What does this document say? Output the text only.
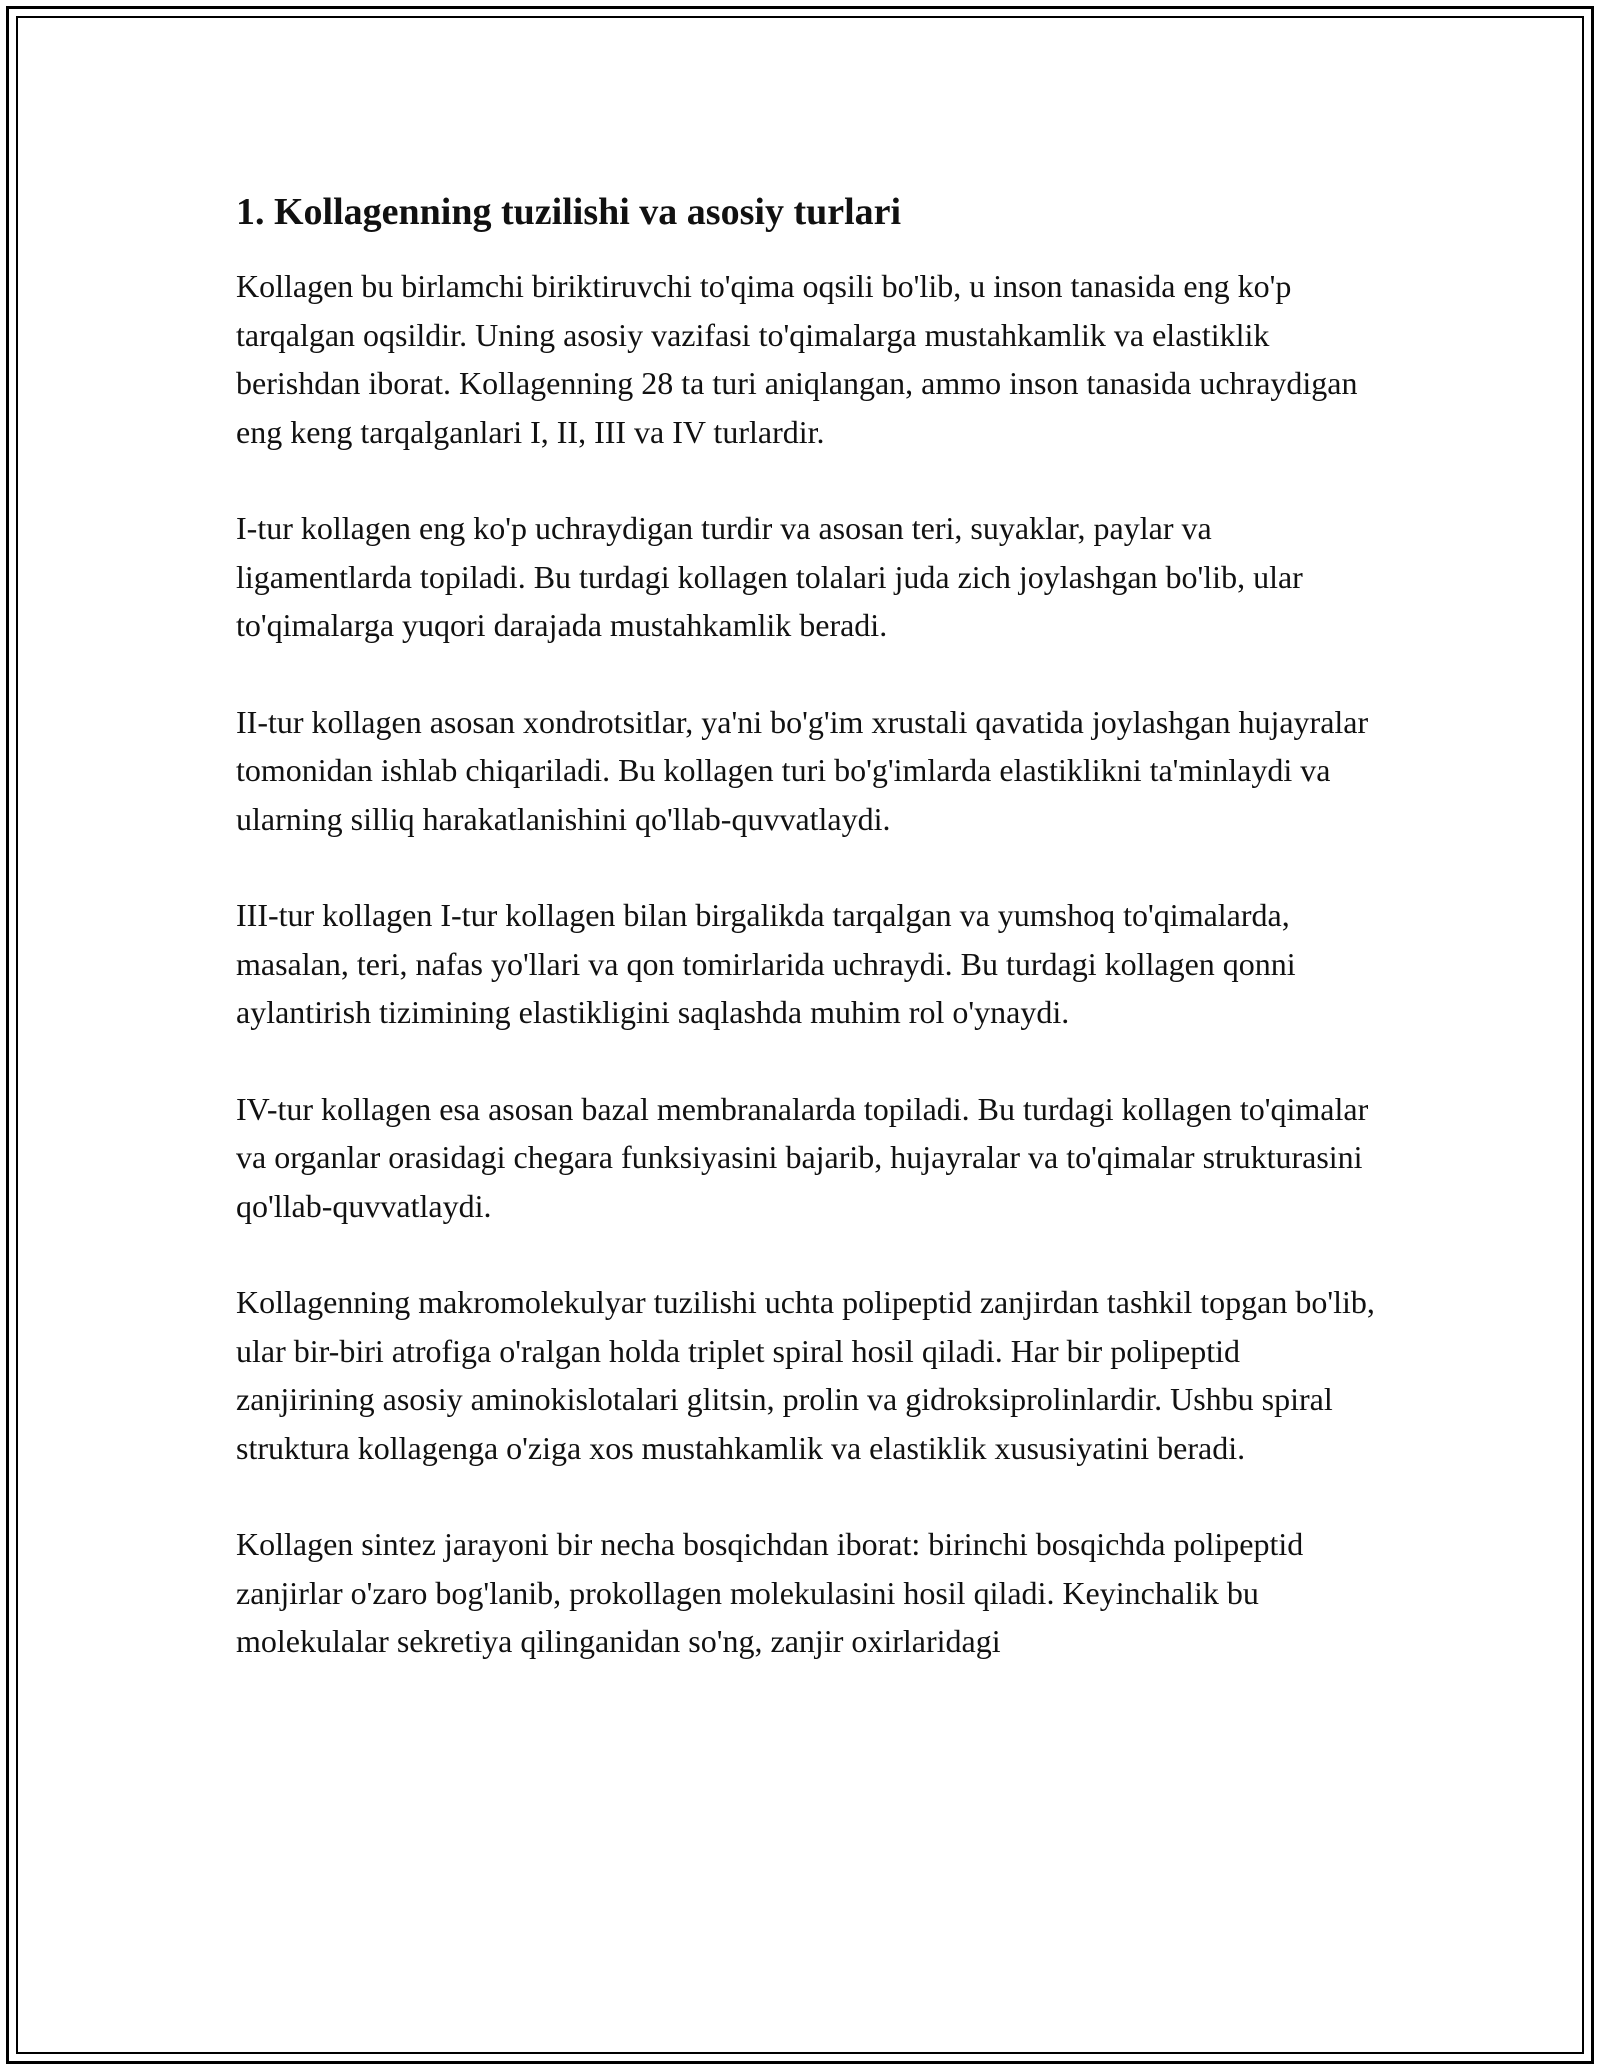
1. Kollagenning tuzilishi va asosiy turlari

Kollagen bu birlamchi biriktiruvchi to'qima oqsili bo'lib, u inson tanasida eng ko'p tarqalgan oqsildir. Uning asosiy vazifasi to'qimalarga mustahkamlik va elastiklik berishdan iborat. Kollagenning 28 ta turi aniqlangan, ammo inson tanasida uchraydigan eng keng tarqalganlari I, II, III va IV turlardir.

I-tur kollagen eng ko'p uchraydigan turdir va asosan teri, suyaklar, paylar va ligamentlarda topiladi. Bu turdagi kollagen tolalari juda zich joylashgan bo'lib, ular to'qimalarga yuqori darajada mustahkamlik beradi.

II-tur kollagen asosan xondrotsitlar, ya'ni bo'g'im xrustali qavatida joylashgan hujayralar tomonidan ishlab chiqariladi. Bu kollagen turi bo'g'imlarda elastiklikni ta'minlaydi va ularning silliq harakatlanishini qo'llab-quvvatlaydi.

III-tur kollagen I-tur kollagen bilan birgalikda tarqalgan va yumshoq to'qimalarda, masalan, teri, nafas yo'llari va qon tomirlarida uchraydi. Bu turdagi kollagen qonni aylantirish tizimining elastikligini saqlashda muhim rol o'ynaydi.

IV-tur kollagen esa asosan bazal membranalarda topiladi. Bu turdagi kollagen to'qimalar va organlar orasidagi chegara funksiyasini bajarib, hujayralar va to'qimalar strukturasini qo'llab-quvvatlaydi.

Kollagenning makromolekulyar tuzilishi uchta polipeptid zanjirdan tashkil topgan bo'lib, ular bir-biri atrofiga o'ralgan holda triplet spiral hosil qiladi. Har bir polipeptid zanjirining asosiy aminokislotalari glitsin, prolin va gidroksiprolinlardir. Ushbu spiral struktura kollagenga o'ziga xos mustahkamlik va elastiklik xususiyatini beradi.

Kollagen sintez jarayoni bir necha bosqichdan iborat: birinchi bosqichda polipeptid zanjirlar o'zaro bog'lanib, prokollagen molekulasini hosil qiladi. Keyinchalik bu molekulalar sekretiya qilinganidan so'ng, zanjir oxirlaridagi
